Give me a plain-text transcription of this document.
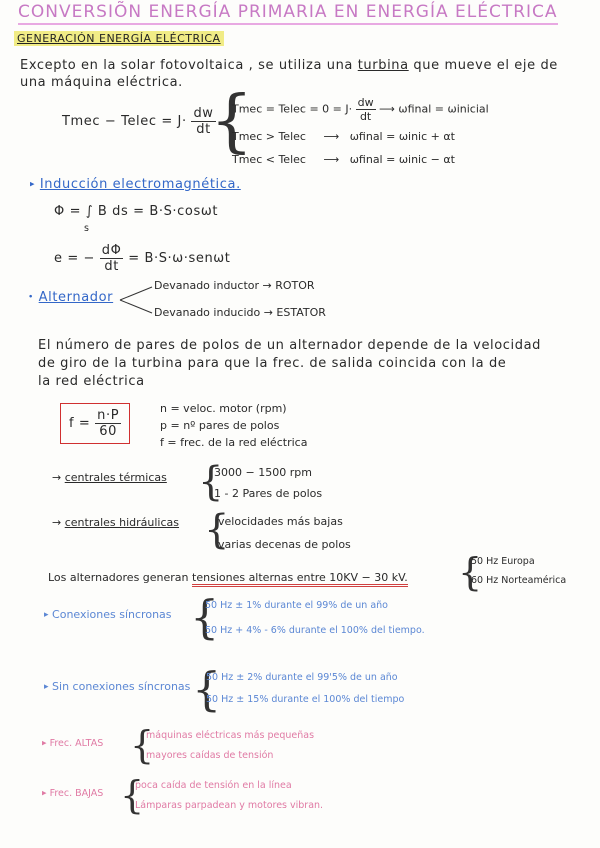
CONVERSIÕN ENERGÍA PRIMARIA EN ENERGÍA ELÉCTRICA
GENERACIÓN ENERGÍA ELÉCTRICA
Excepto en la solar fotovoltaica , se utiliza una turbina que mueve el eje de
una máquina eléctrica.
Tmec − Telec = $J\cdot \frac{dw}{dt}$
{
Tmec = Telec = $0 = J\cdot \frac{dw}{dt}$ ⟶ ωfinal = ωinicial
Tmec > Telec     ⟶   ωfinal = ωinic + αt
Tmec < Telec     ⟶   ωfinal = ωinic − αt
▸ Inducción electromagnética.
Φ = ∫ B ds = B·S·cosωt
s
e = − $\frac{d\Phi}{dt} = B\cdot S\cdot\omega\cdot sen\omega t$
• Alternador
Devanado inductor → ROTOR
Devanado inducido → ESTATOR
El número de pares de polos de un alternador depende de la velocidad
de giro de la turbina para que la frec. de salida coincida con la de
la red eléctrica
$f = \frac{n\cdot P}{60}$	n = veloc. motor (rpm)
p = nº pares de polos
f = frec. de la red eléctrica
→ centrales térmicas {
3000 − 1500 rpm
1 - 2 Pares de polos
→ centrales hidráulicas {
velocidades más bajas
varias decenas de polos
Los alternadores generan tensiones alternas entre 10KV − 30 kV. {
50 Hz Europa
60 Hz Norteamérica
▸ Conexiones síncronas {
50 Hz ± 1% durante el 99% de un año
50 Hz + 4% - 6% durante el 100% del tiempo.
▸ Sin conexiones síncronas {
50 Hz ± 2% durante el 99'5% de un año
50 Hz ± 15% durante el 100% del tiempo
▸ Frec. ALTAS {
máquinas eléctricas más pequeñas
mayores caídas de tensión
▸ Frec. BAJAS {
poca caída de tensión en la línea
Lámparas parpadean y motores vibran.
